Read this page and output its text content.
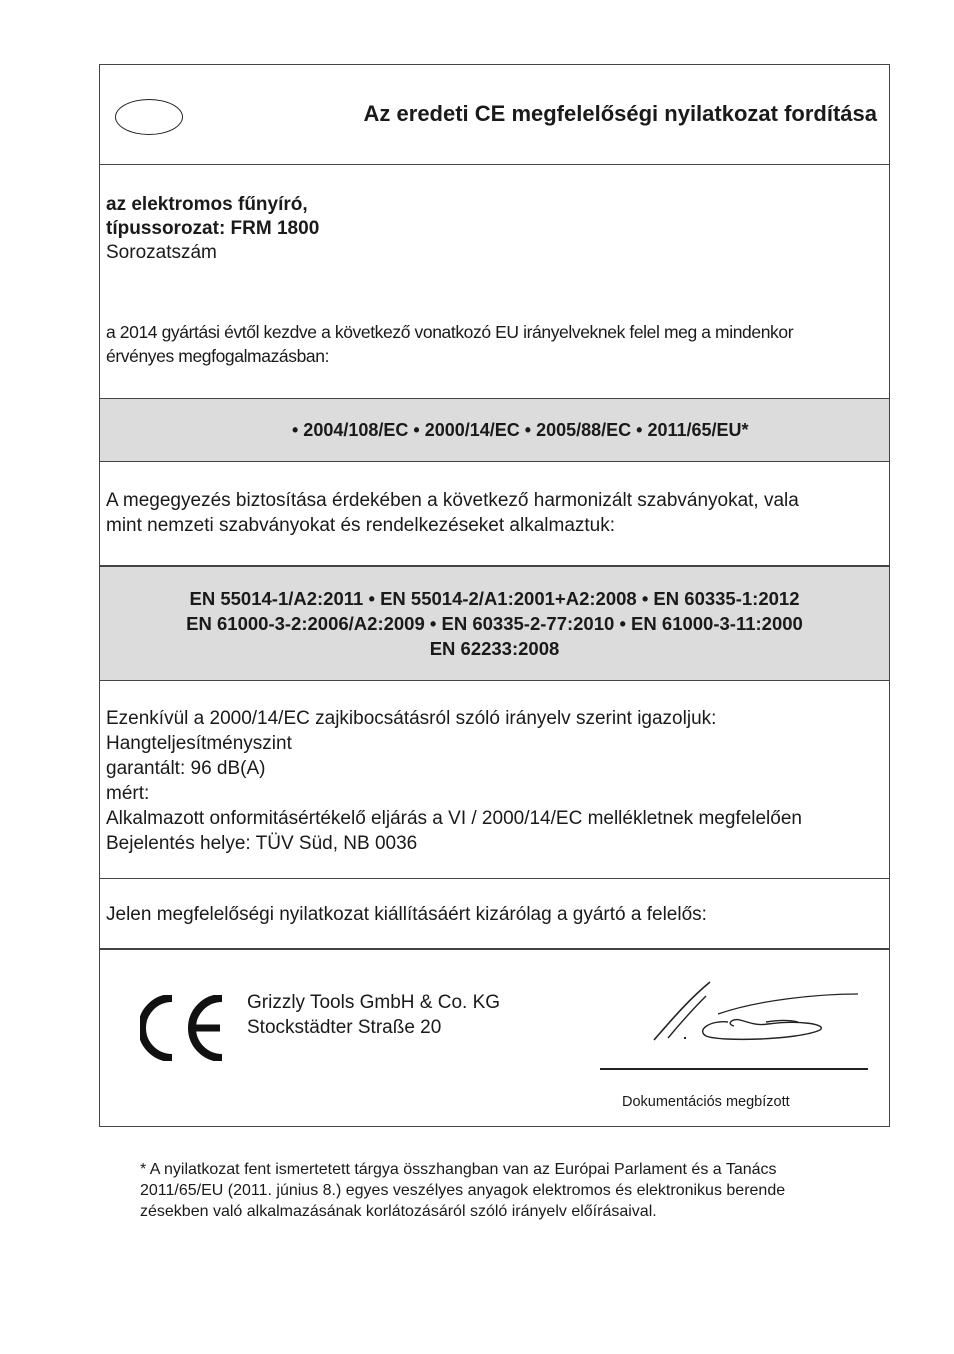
Az eredeti CE megfelelőségi nyilatkozat fordítása
az elektromos fűnyíró,
típussorozat: FRM 1800
Sorozatszám
a 2014 gyártási évtől kezdve a következő vonatkozó EU irányelveknek felel meg a mindenkor
érvényes megfogalmazásban:
• 2004/108/EC • 2000/14/EC • 2005/88/EC • 2011/65/EU*
A megegyezés biztosítása érdekében a következő harmonizált szabványokat, vala
mint nemzeti szabványokat és rendelkezéseket alkalmaztuk:
EN 55014-1/A2:2011 • EN 55014-2/A1:2001+A2:2008 • EN 60335-1:2012
EN 61000-3-2:2006/A2:2009 • EN 60335-2-77:2010 • EN 61000-3-11:2000
EN 62233:2008
Ezenkívül a 2000/14/EC zajkibocsátásról szóló irányelv szerint igazoljuk:
Hangteljesítményszint
garantált: 96 dB(A)
mért:
Alkalmazott onformitásértékelő eljárás a VI / 2000/14/EC mellékletnek megfelelően
Bejelentés helye: TÜV Süd, NB 0036
Jelen megfelelőségi nyilatkozat kiállításáért kizárólag a gyártó a felelős:
Grizzly Tools GmbH & Co. KG
Stockstädter Straße 20
Dokumentációs megbízott
* A nyilatkozat fent ismertetett tárgya összhangban van az Európai Parlament és a Tanács
2011/65/EU (2011. június 8.) egyes veszélyes anyagok elektromos és elektronikus berende
zésekben való alkalmazásának korlátozásáról szóló irányelv előírásaival.
